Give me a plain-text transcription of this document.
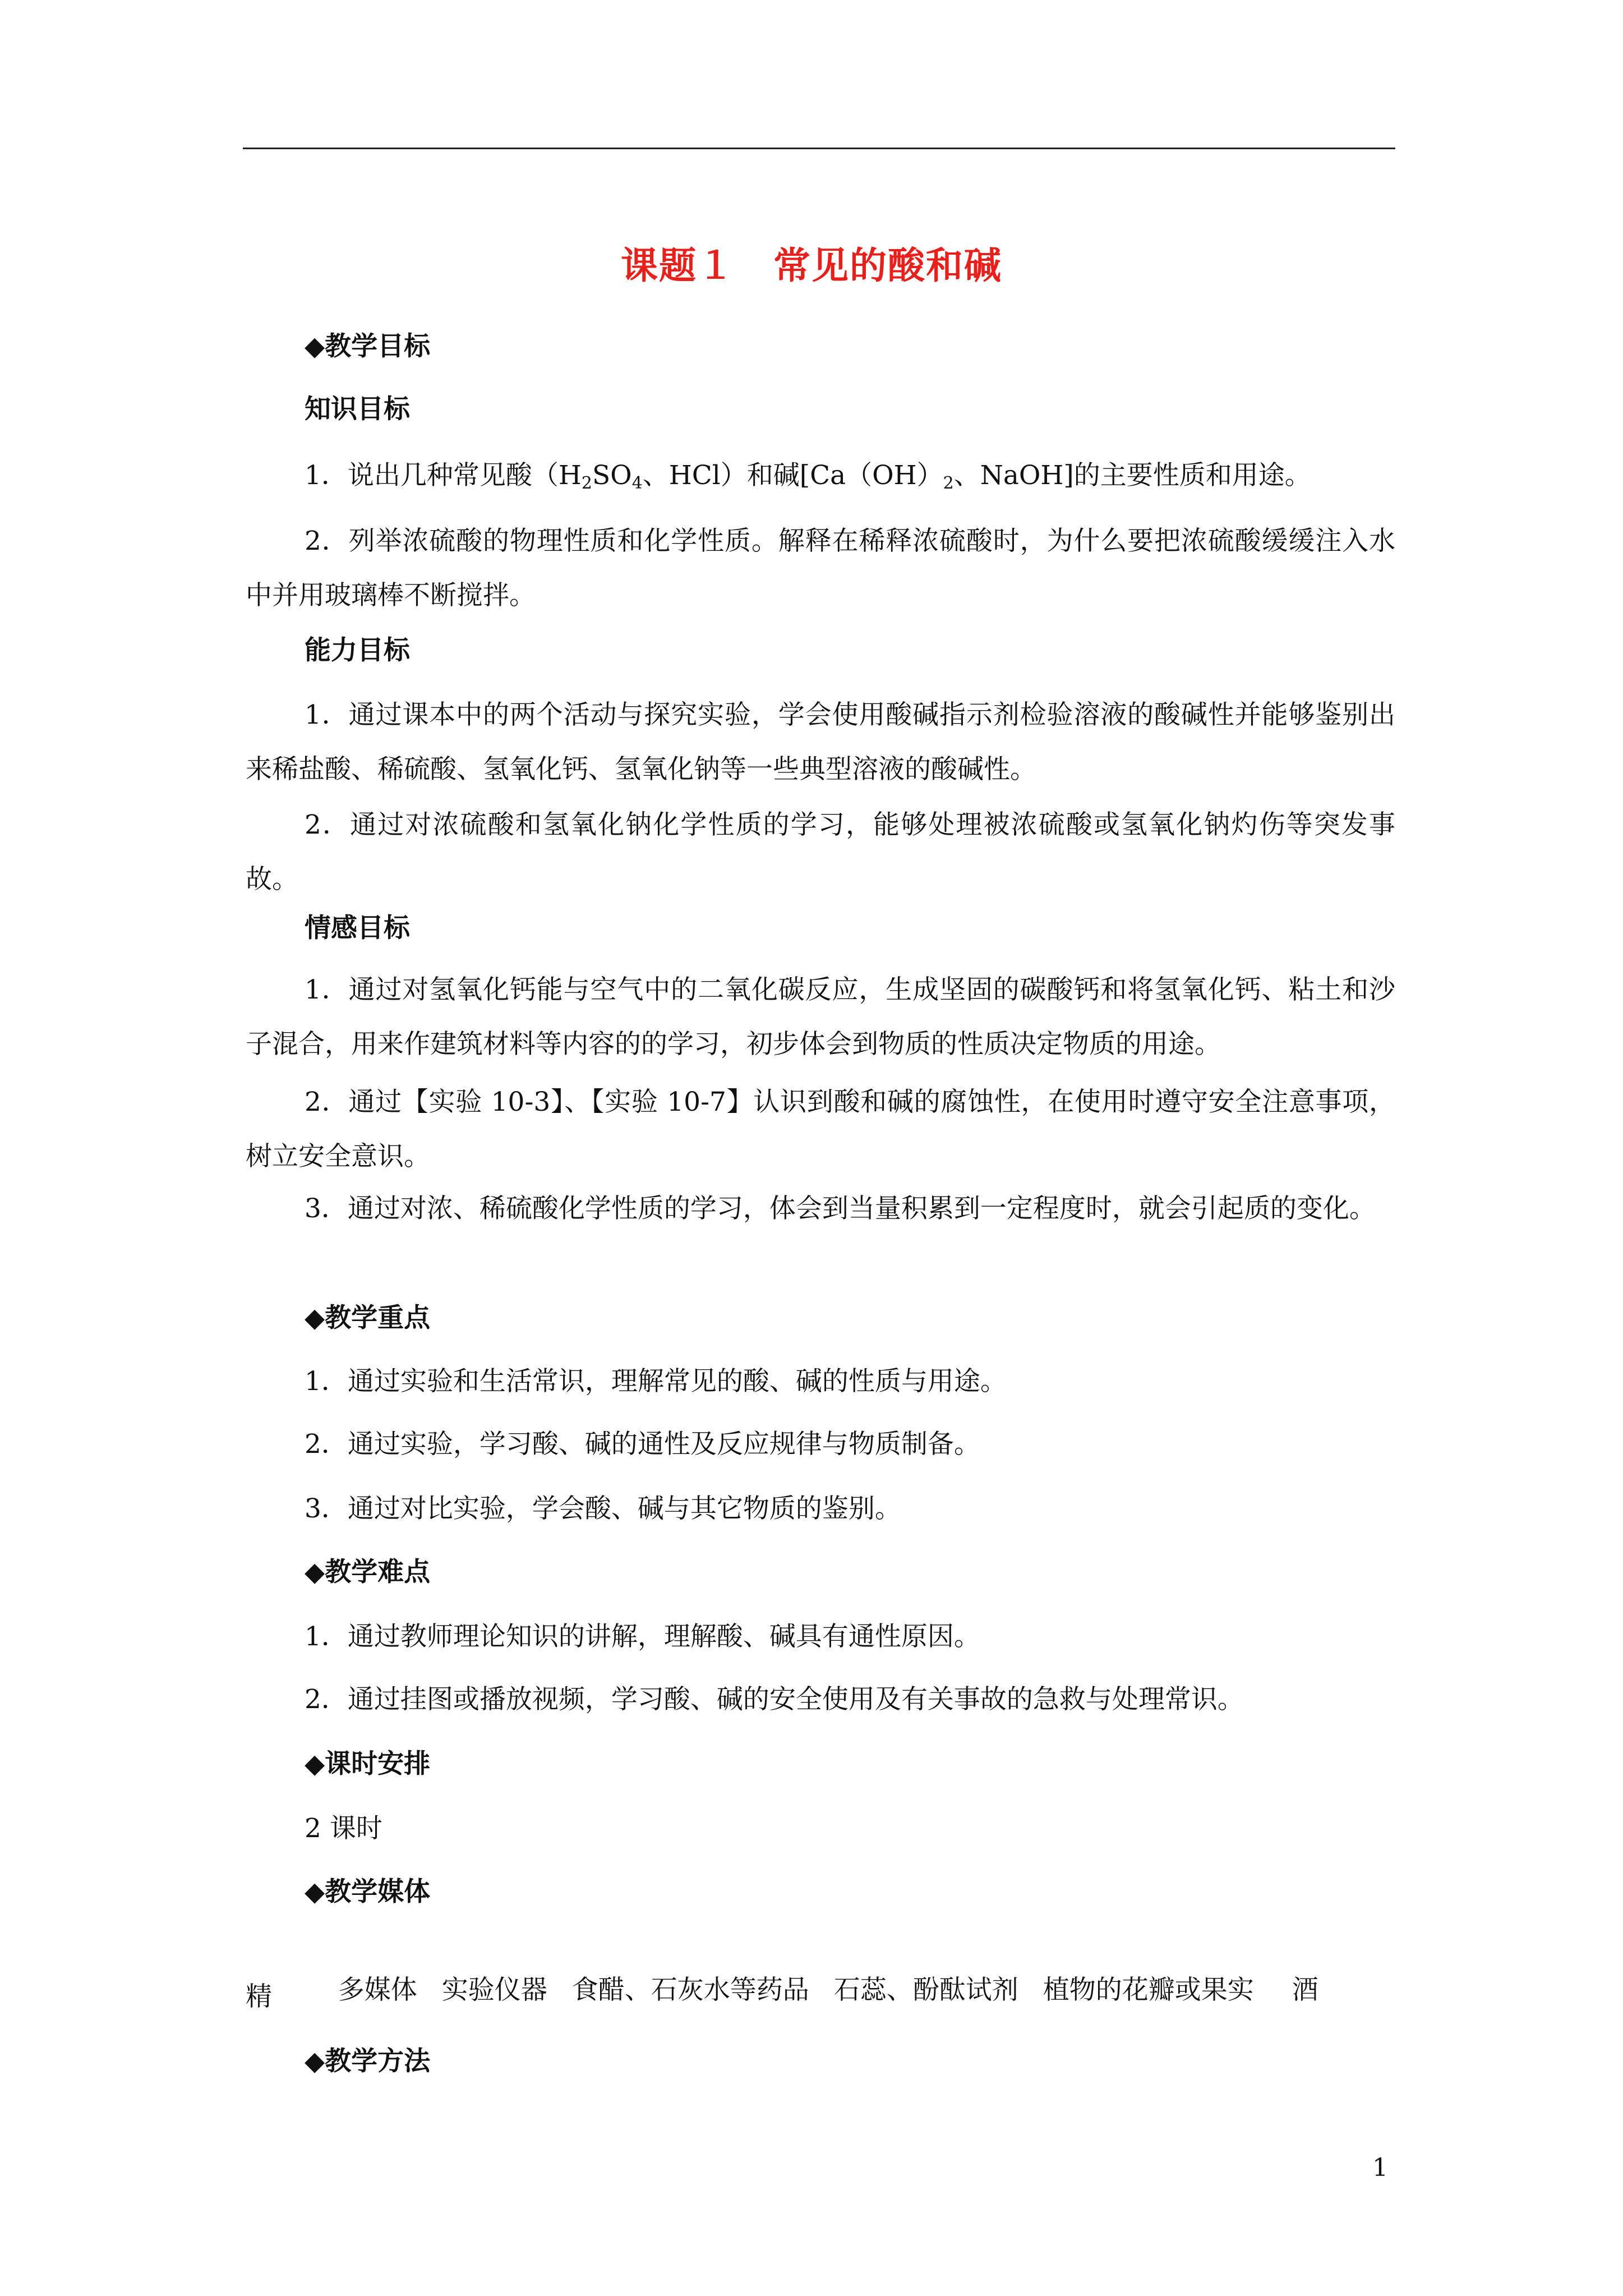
课题１　常见的酸和碱
◆教学目标
知识目标
1．说出几种常见酸（$H_2SO_4$、HCl）和碱[$Ca(OH)_2$、NaOH]的主要性质和用途。
2．列举浓硫酸的物理性质和化学性质。解释在稀释浓硫酸时，为什么要把浓硫酸缓缓注入水中并用玻璃棒不断搅拌。
能力目标
1．通过课本中的两个活动与探究实验，学会使用酸碱指示剂检验溶液的酸碱性并能够鉴别出来稀盐酸、稀硫酸、氢氧化钙、氢氧化钠等一些典型溶液的酸碱性。
2．通过对浓硫酸和氢氧化钠化学性质的学习，能够处理被浓硫酸或氢氧化钠灼伤等突发事故。
情感目标
1．通过对氢氧化钙能与空气中的二氧化碳反应，生成坚固的碳酸钙和将氢氧化钙、粘土和沙子混合，用来作建筑材料等内容的的学习，初步体会到物质的性质决定物质的用途。
2．通过【实验 10-3】、【实验 10-7】认识到酸和碱的腐蚀性，在使用时遵守安全注意事项，树立安全意识。
3．通过对浓、稀硫酸化学性质的学习，体会到当量积累到一定程度时，就会引起质的变化。
◆教学重点
1．通过实验和生活常识，理解常见的酸、碱的性质与用途。
2．通过实验，学习酸、碱的通性及反应规律与物质制备。
3．通过对比实验，学会酸、碱与其它物质的鉴别。
◆教学难点
1．通过教师理论知识的讲解，理解酸、碱具有通性原因。
2．通过挂图或播放视频，学习酸、碱的安全使用及有关事故的急救与处理常识。
◆课时安排
2 课时
◆教学媒体

多媒体 实验仪器 食醋、石灰水等药品 石蕊、酚酞试剂 植物的花瓣或果实 酒

精
◆教学方法
1
